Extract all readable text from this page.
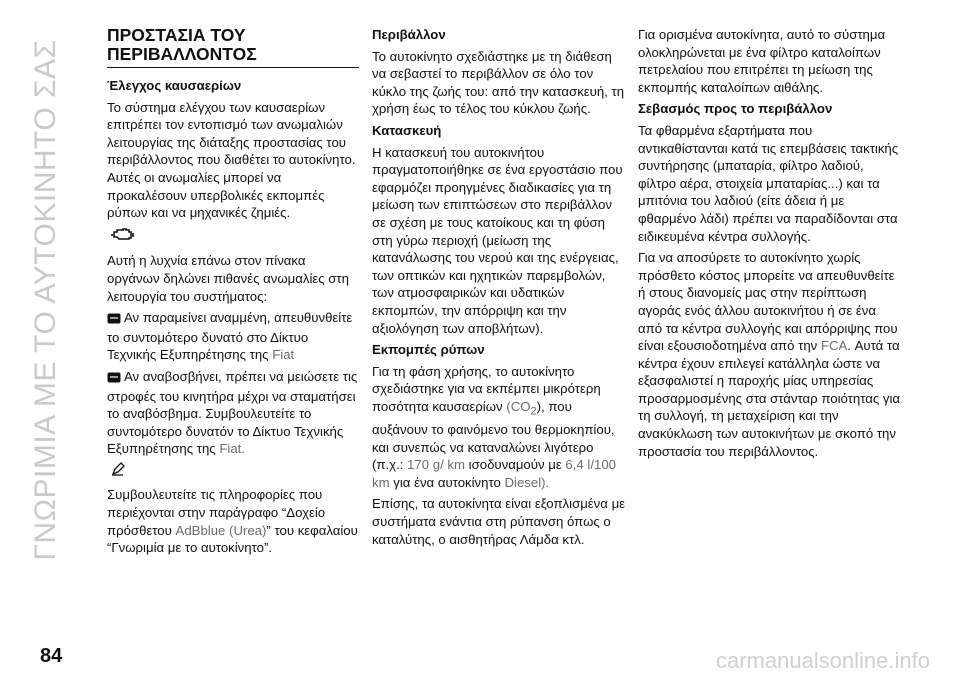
ΓΝΩΡΙΜΙΑ ΜΕ ΤΟ ΑΥΤΟΚΙΝΗΤΟ ΣΑΣ
ΠΡΟΣΤΑΣΙΑ ΤΟΥ
ΠΕΡΙΒΑΛΛΟΝΤΟΣ

Έλεγχος καυσαερίων

Το σύστημα ελέγχου των καυσαερίων επιτρέπει τον εντοπισμό των ανωμαλιών λειτουργίας της διάταξης προστασίας του περιβάλλοντος που διαθέτει το αυτοκίνητο. Αυτές οι ανωμαλίες μπορεί να προκαλέσουν υπερβολικές εκπομπές ρύπων και να μηχανικές ζημιές.

Αυτή η λυχνία επάνω στον πίνακα οργάνων δηλώνει πιθανές ανωμαλίες στη λειτουργία του συστήματος:

Αν παραμείνει αναμμένη, απευθυνθείτε το συντομότερο δυνατό στο Δίκτυο Τεχνικής Εξυπηρέτησης της Fiat

Αν αναβοσβήνει, πρέπει να μειώσετε τις στροφές του κινητήρα μέχρι να σταματήσει το αναβόσβημα. Συμβουλευτείτε το συντομότερο δυνατόν το Δίκτυο Τεχνικής Εξυπηρέτησης της Fiat.

Συμβουλευτείτε τις πληροφορίες που περιέχονται στην παράγραφο “Δοχείο πρόσθετου AdBblue (Urea)” του κεφαλαίου “Γνωριμία με το αυτοκίνητο”.

Περιβάλλον

Το αυτοκίνητο σχεδιάστηκε με τη διάθεση να σεβαστεί το περιβάλλον σε όλο τον κύκλο της ζωής του: από την κατασκευή, τη χρήση έως το τέλος του κύκλου ζωής.

Κατασκευή

Η κατασκευή του αυτοκινήτου πραγματοποιήθηκε σε ένα εργοστάσιο που εφαρμόζει προηγμένες διαδικασίες για τη μείωση των επιπτώσεων στο περιβάλλον σε σχέση με τους κατοίκους και τη φύση στη γύρω περιοχή (μείωση της κατανάλωσης του νερού και της ενέργειας, των οπτικών και ηχητικών παρεμβολών, των ατμοσφαιρικών και υδατικών εκπομπών, την απόρριψη και την αξιολόγηση των αποβλήτων).

Εκπομπές ρύπων

Για τη φάση χρήσης, το αυτοκίνητο σχεδιάστηκε για να εκπέμπει μικρότερη ποσότητα καυσαερίων $(CO_2)$, που αυξάνουν το φαινόμενο του θερμοκηπίου, και συνεπώς να καταναλώνει λιγότερο (π.χ.: 170 g/ km ισοδυναμούν με 6,4 l/100 km για ένα αυτοκίνητο Diesel).

Επίσης, τα αυτοκίνητα είναι εξοπλισμένα με συστήματα ενάντια στη ρύπανση όπως ο καταλύτης, ο αισθητήρας Λάμδα κτλ.

Για ορισμένα αυτοκίνητα, αυτό το σύστημα ολοκληρώνεται με ένα φίλτρο καταλοίπων πετρελαίου που επιτρέπει τη μείωση της εκπομπής καταλοίπων αιθάλης.

Σεβασμός προς το περιβάλλον

Τα φθαρμένα εξαρτήματα που αντικαθίστανται κατά τις επεμβάσεις τακτικής συντήρησης (μπαταρία, φίλτρο λαδιού, φίλτρο αέρα, στοιχεία μπαταρίας...) και τα μπιτόνια του λαδιού (είτε άδεια ή με φθαρμένο λάδι) πρέπει να παραδίδονται στα ειδικευμένα κέντρα συλλογής.

Για να αποσύρετε το αυτοκίνητο χωρίς πρόσθετο κόστος μπορείτε να απευθυνθείτε ή στους διανομείς μας στην περίπτωση αγοράς ενός άλλου αυτοκινήτου ή σε ένα από τα κέντρα συλλογής και απόρριψης που είναι εξουσιοδοτημένα από την FCA. Αυτά τα κέντρα έχουν επιλεγεί κατάλληλα ώστε να εξασφαλιστεί η παροχής μίας υπηρεσίας προσαρμοσμένης στα στάνταρ ποιότητας για τη συλλογή, τη μεταχείριση και την ανακύκλωση των αυτοκινήτων με σκοπό την προστασία του περιβάλλοντος.

84	carmanualsonline.info
